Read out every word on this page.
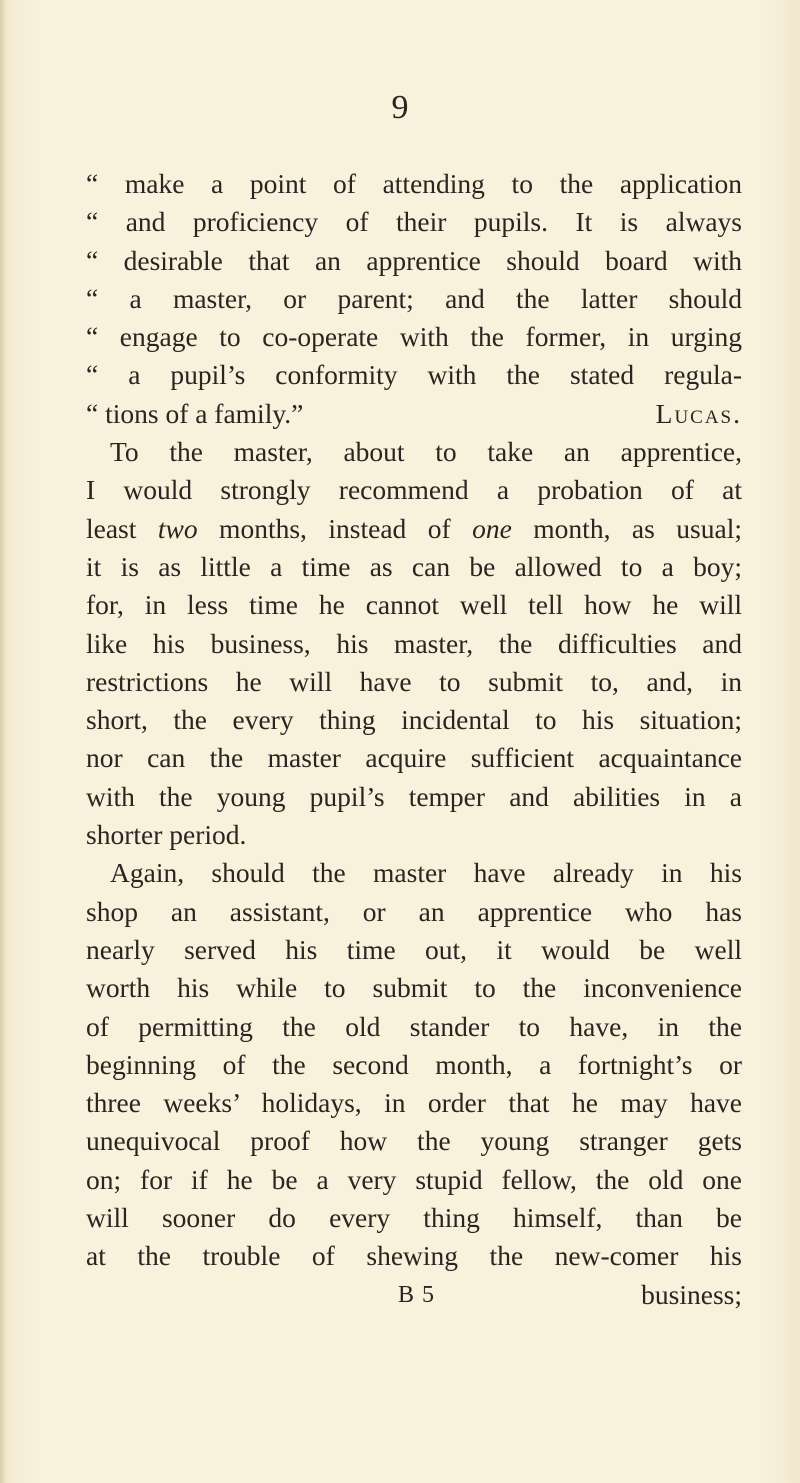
9
“ make a point of attending to the application
“ and proficiency of their pupils. It is always
“ desirable that an apprentice should board with
“ a master, or parent; and the latter should
“ engage to co-operate with the former, in urging
“ a pupil’s conformity with the stated regula-
“ tions of a family.”	Lucas.
To the master, about to take an apprentice,
I would strongly recommend a probation of at
least two months, instead of one month, as usual;
it is as little a time as can be allowed to a boy;
for, in less time he cannot well tell how he will
like his business, his master, the difficulties and
restrictions he will have to submit to, and, in
short, the every thing incidental to his situation;
nor can the master acquire sufficient acquaintance
with the young pupil’s temper and abilities in a
shorter period.
Again, should the master have already in his
shop an assistant, or an apprentice who has
nearly served his time out, it would be well
worth his while to submit to the inconvenience
of permitting the old stander to have, in the
beginning of the second month, a fortnight’s or
three weeks’ holidays, in order that he may have
unequivocal proof how the young stranger gets
on; for if he be a very stupid fellow, the old one
will sooner do every thing himself, than be
at the trouble of shewing the new-comer his
B 5	business;
